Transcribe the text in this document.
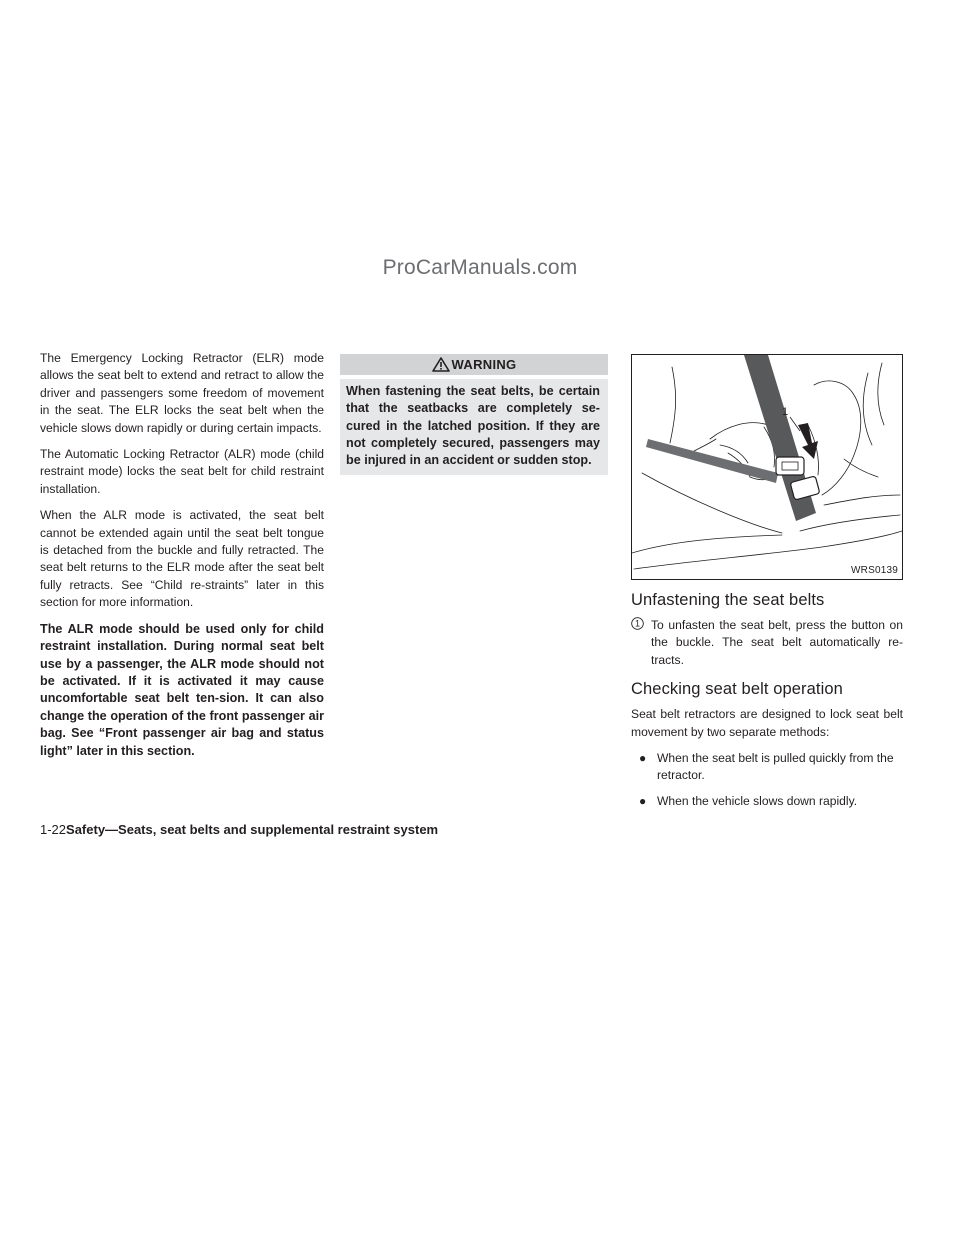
ProCarManuals.com

The Emergency Locking Retractor (ELR) mode allows the seat belt to extend and retract to allow the driver and passengers some freedom of movement in the seat. The ELR locks the seat belt when the vehicle slows down rapidly or during certain impacts.

The Automatic Locking Retractor (ALR) mode (child restraint mode) locks the seat belt for child restraint installation.

When the ALR mode is activated, the seat belt cannot be extended again until the seat belt tongue is detached from the buckle and fully retracted. The seat belt returns to the ELR mode after the seat belt fully retracts. See “Child re-straints” later in this section for more information.

The ALR mode should be used only for child restraint installation. During normal seat belt use by a passenger, the ALR mode should not be activated. If it is activated it may cause uncomfortable seat belt ten-sion. It can also change the operation of the front passenger air bag. See “Front passenger air bag and status light” later in this section.

WARNING
When fastening the seat belts, be certain that the seatbacks are completely se-cured in the latched position. If they are not completely secured, passengers may be injured in an accident or sudden stop.
1
WRS0139
Unfastening the seat belts
1 To unfasten the seat belt, press the button on the buckle. The seat belt automatically re-tracts.
Checking seat belt operation

Seat belt retractors are designed to lock seat belt movement by two separate methods:

● When the seat belt is pulled quickly from the retractor.
● When the vehicle slows down rapidly.
1-22Safety—Seats, seat belts and supplemental restraint system
